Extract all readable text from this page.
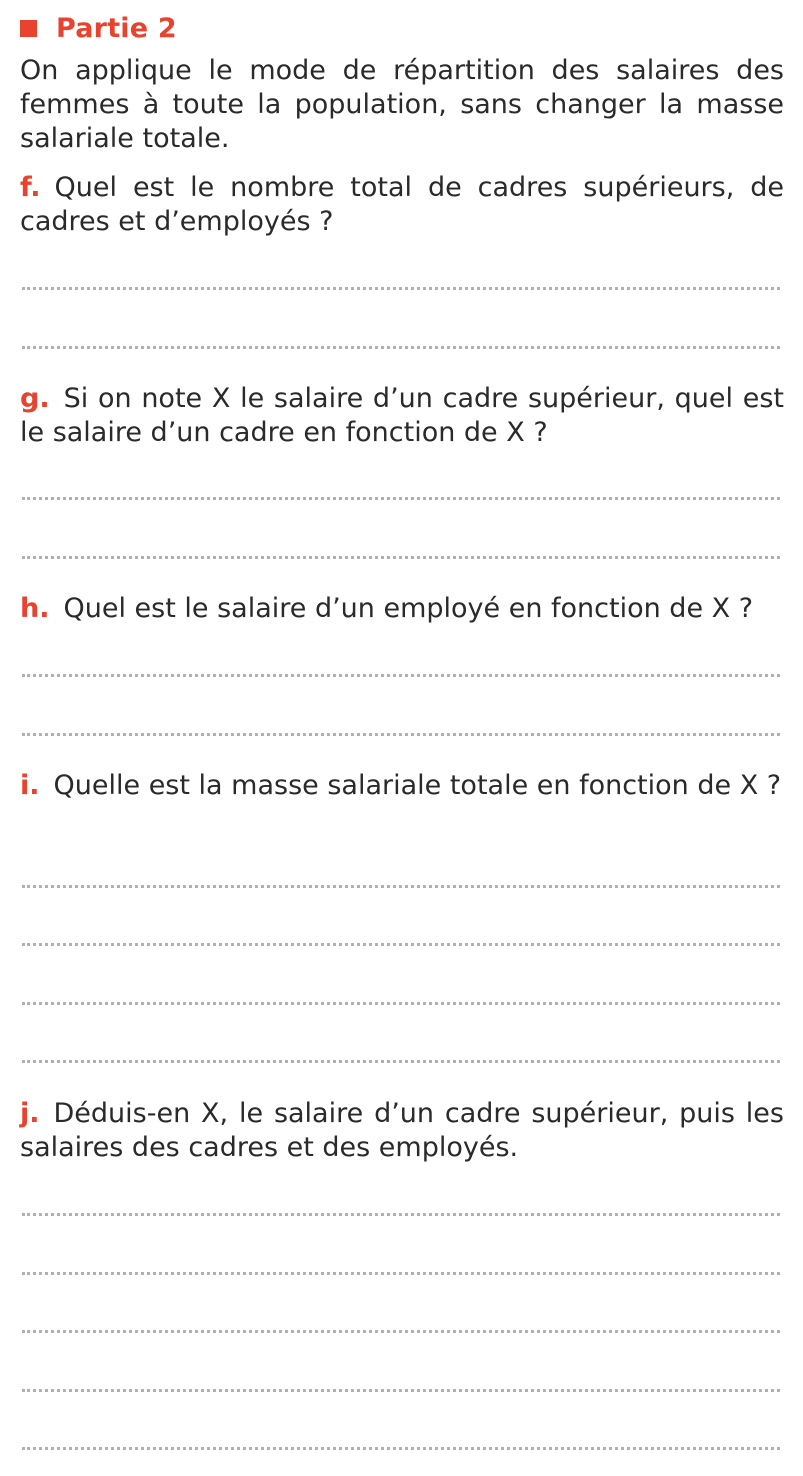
Partie 2
On applique le mode de répartition des salaires des femmes à toute la population, sans changer la masse salariale totale.
f. Quel est le nombre total de cadres supérieurs, de cadres et d’employés ?
g. Si on note X le salaire d’un cadre supérieur, quel est le salaire d’un cadre en fonction de X ?
h. Quel est le salaire d’un employé en fonction de X ?
i. Quelle est la masse salariale totale en fonction de X ?
j. Déduis-en X, le salaire d’un cadre supérieur, puis les salaires des cadres et des employés.
